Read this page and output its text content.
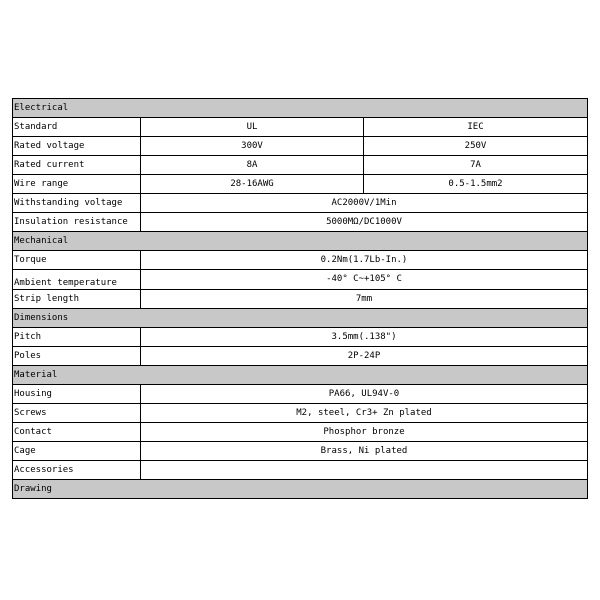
Electrical		
Standard	UL	IEC
Rated voltage	300V	250V
Rated current	8A	7A
Wire range	28-16AWG	0.5-1.5mm2
Withstanding voltage	AC2000V/1Min	
Insulation resistance	5000MΩ/DC1000V	
Mechanical		
Torque	0.2Nm(1.7Lb-In.)	
Ambient temperature	-40° C~+105° C	
Strip length	7mm	
Dimensions		
Pitch	3.5mm(.138")	
Poles	2P-24P	
Material		
Housing	PA66, UL94V-0	
Screws	M2, steel, Cr3+ Zn plated	
Contact	Phosphor bronze	
Cage	Brass, Ni plated	
Accessories		
Drawing		
